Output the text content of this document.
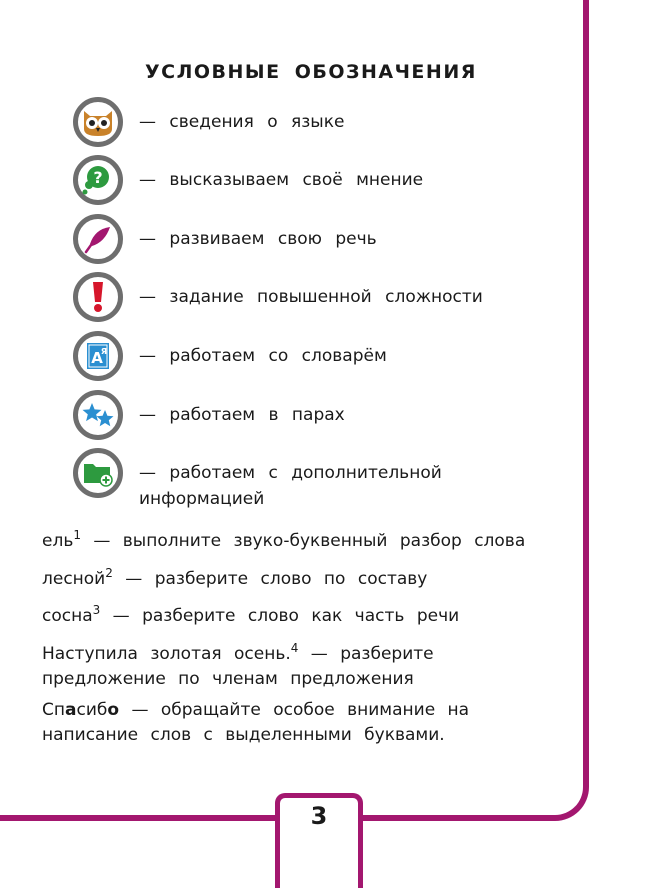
УСЛОВНЫЕ ОБОЗНАЧЕНИЯ
— сведения о языке
? — высказываем своё мнение
— развиваем свою речь
— задание повышенной сложности
A
Я — работаем со словарём
— работаем в парах
— работаем с дополнительной информацией
ель$^1$ — выполните звуко-буквенный разбор слова
лесной$^2$ — разберите слово по составу
сосна$^3$ — разберите слово как часть речи
Наступила золотая осень.$^4$ — разберите предложение по членам предложения
Спасибо — обращайте особое внимание на написание слов с выделенными буквами.
3
